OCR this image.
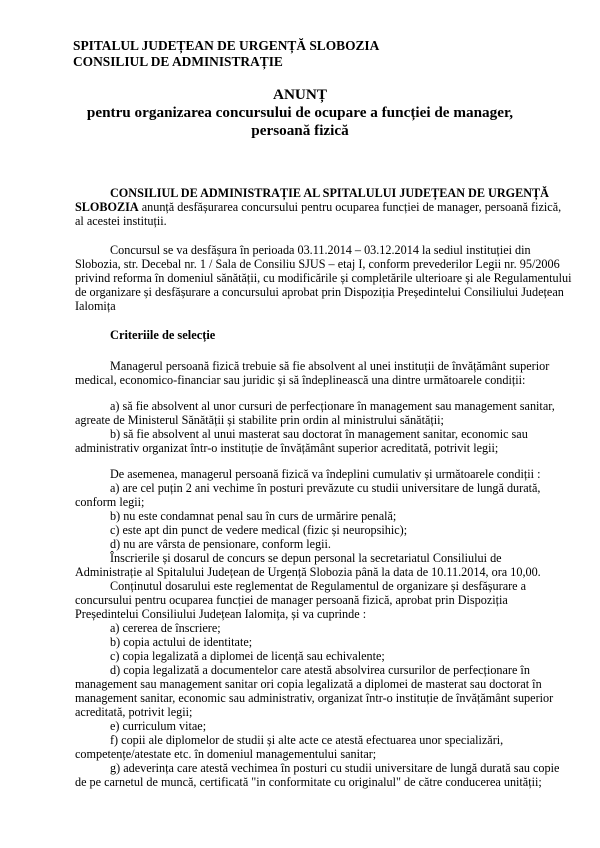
SPITALUL JUDEȚEAN DE URGENȚĂ SLOBOZIA
CONSILIUL DE ADMINISTRAȚIE
ANUNȚ
pentru organizarea concursului de ocupare a funcției de manager,
persoană fizică
CONSILIUL DE ADMINISTRAȚIE AL SPITALULUI JUDEȚEAN DE URGENȚĂ
SLOBOZIA anunță desfășurarea concursului pentru ocuparea funcției de manager, persoană fizică,
al acestei instituții.
Concursul se va desfășura în perioada 03.11.2014 – 03.12.2014 la sediul instituției din
Slobozia, str. Decebal nr. 1 / Sala de Consiliu SJUS – etaj I, conform prevederilor Legii nr. 95/2006
privind reforma în domeniul sănătății, cu modificările și completările ulterioare și ale Regulamentului
de organizare și desfășurare a concursului aprobat prin Dispoziția Președintelui Consiliului Județean
Ialomița
Criteriile de selecție
Managerul persoană fizică trebuie să fie absolvent al unei instituții de învățământ superior
medical, economico-financiar sau juridic și să îndeplinească una dintre următoarele condiții:
a) să fie absolvent al unor cursuri de perfecționare în management sau management sanitar,
agreate de Ministerul Sănătății și stabilite prin ordin al ministrului sănătății;
b) să fie absolvent al unui masterat sau doctorat în management sanitar, economic sau
administrativ organizat într-o instituție de învățământ superior acreditată, potrivit legii;
De asemenea, managerul persoană fizică va îndeplini cumulativ și următoarele condiții :
a) are cel puțin 2 ani vechime în posturi prevăzute cu studii universitare de lungă durată,
conform legii;
b) nu este condamnat penal sau în curs de urmărire penală;
c) este apt din punct de vedere medical (fizic și neuropsihic);
d) nu are vârsta de pensionare, conform legii.
Înscrierile și dosarul de concurs se depun personal la secretariatul Consiliului de
Administrație al Spitalului Județean de Urgență Slobozia până la data de 10.11.2014, ora 10,00.
Conținutul dosarului este reglementat de Regulamentul de organizare și desfășurare a
concursului pentru ocuparea funcției de manager persoană fizică, aprobat prin Dispoziția
Președintelui Consiliului Județean Ialomița, și va cuprinde :
a) cererea de înscriere;
b) copia actului de identitate;
c) copia legalizată a diplomei de licență sau echivalente;
d) copia legalizată a documentelor care atestă absolvirea cursurilor de perfecționare în
management sau management sanitar ori copia legalizată a diplomei de masterat sau doctorat în
management sanitar, economic sau administrativ, organizat într-o instituție de învățământ superior
acreditată, potrivit legii;
e) curriculum vitae;
f) copii ale diplomelor de studii și alte acte ce atestă efectuarea unor specializări,
competențe/atestate etc. în domeniul managementului sanitar;
g) adeverința care atestă vechimea în posturi cu studii universitare de lungă durată sau copie
de pe carnetul de muncă, certificată "in conformitate cu originalul" de către conducerea unității;
